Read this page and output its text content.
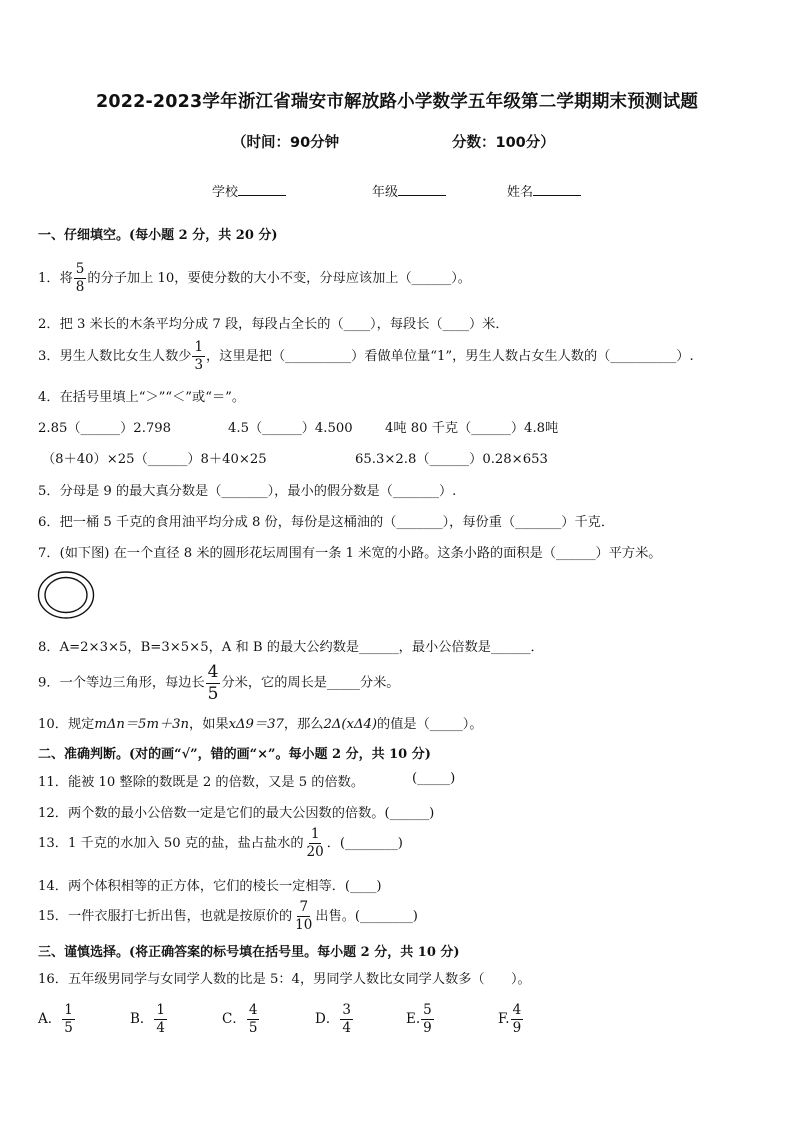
2022-2023学年浙江省瑞安市解放路小学数学五年级第二学期期末预测试题
（时间：90分钟	分数：100分）
学校	年级	姓名
一、仔细填空。(每小题 2 分，共 20 分)
1．将 $\frac{5}{8}$ 的分子加上 10，要使分数的大小不变，分母应该加上（______）。
2．把 3 米长的木条平均分成 7 段，每段占全长的（____），每段长（____）米．
3．男生人数比女生人数少 $\frac{1}{3}$ ，这里是把（__________）看做单位量“1”，男生人数占女生人数的（__________）.
4．在括号里填上“＞”“＜”或“＝”。
2.85（______）2.798	4.5（______）4.500 4吨 80 千克（______）4.8吨
（8＋40）×25（______）8＋40×25	65.3×2.8（______）0.28×653
5．分母是 9 的最大真分数是（_______），最小的假分数是（_______）.
6．把一桶 5 千克的食用油平均分成 8 份，每份是这桶油的（_______），每份重（_______）千克．
7．(如下图) 在一个直径 8 米的圆形花坛周围有一条 1 米宽的小路。这条小路的面积是（______）平方米。
8．A=2×3×5，B=3×5×5，A 和 B 的最大公约数是______，最小公倍数是______．
9．一个等边三角形，每边长 $\frac{4}{5}$ 分米，它的周长是_____分米。
10．规定mΔn＝5m＋3n，如果xΔ9＝37，那么2Δ(xΔ4)的值是（_____）。
二、准确判断。(对的画“√”，错的画“×”。每小题 2 分，共 10 分)
11．能被 10 整除的数既是 2 的倍数，又是 5 的倍数。	(_____)
12．两个数的最小公倍数一定是它们的最大公因数的倍数。(______)
13．1 千克的水加入 50 克的盐，盐占盐水的 $\frac{1}{20}$ ．(________)
14．两个体积相等的正方体，它们的棱长一定相等．(____)
15．一件衣服打七折出售，也就是按原价的 $\frac{7}{10}$ 出售。(________)
三、谨慎选择。(将正确答案的标号填在括号里。每小题 2 分，共 10 分)
16．五年级男同学与女同学人数的比是 5：4，男同学人数比女同学人数多（　　）。
A． $\frac{1}{5}$	B． $\frac{1}{4}$	C． $\frac{4}{5}$	D． $\frac{3}{4}$	E. $\frac{5}{9}$	F. $\frac{4}{9}$
